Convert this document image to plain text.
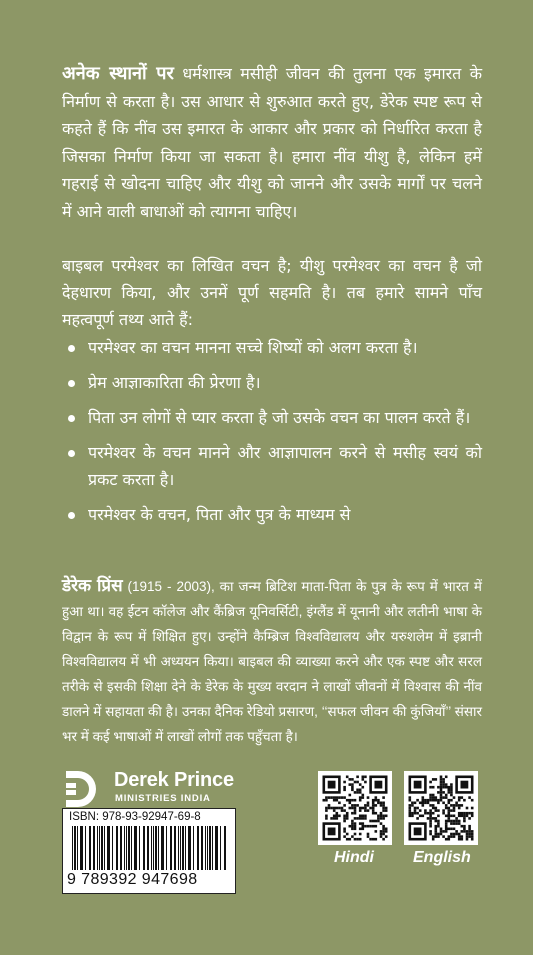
अनेक स्थानों पर धर्मशास्त्र मसीही जीवन की तुलना एक इमारत के निर्माण से करता है। उस आधार से शुरुआत करते हुए, डेरेक स्पष्ट रूप से कहते हैं कि नींव उस इमारत के आकार और प्रकार को निर्धारित करता है जिसका निर्माण किया जा सकता है। हमारा नींव यीशु है, लेकिन हमें गहराई से खोदना चाहिए और यीशु को जानने और उसके मार्गों पर चलने में आने वाली बाधाओं को त्यागना चाहिए।

बाइबल परमेश्वर का लिखित वचन है; यीशु परमेश्वर का वचन है जो देहधारण किया, और उनमें पूर्ण सहमति है। तब हमारे सामने पाँच महत्वपूर्ण तथ्य आते हैं:

परमेश्वर का वचन मानना सच्चे शिष्यों को अलग करता है।
प्रेम आज्ञाकारिता की प्रेरणा है।
पिता उन लोगों से प्यार करता है जो उसके वचन का पालन करते हैं।
परमेश्वर के वचन मानने और आज्ञापालन करने से मसीह स्वयं को प्रकट करता है।
परमेश्वर के वचन, पिता और पुत्र के माध्यम से

डेरेक प्रिंस (1915 - 2003), का जन्म ब्रिटिश माता-पिता के पुत्र के रूप में भारत में हुआ था। वह ईटन कॉलेज और कैंब्रिज यूनिवर्सिटी, इंग्लैंड में यूनानी और लतीनी भाषा के विद्वान के रूप में शिक्षित हुए। उन्होंने कैम्ब्रिज विश्वविद्यालय और यरुशलेम में इब्रानी विश्वविद्यालय में भी अध्ययन किया। बाइबल की व्याख्या करने और एक स्पष्ट और सरल तरीके से इसकी शिक्षा देने के डेरेक के मुख्य वरदान ने लाखों जीवनों में विश्वास की नींव डालने में सहायता की है। उनका दैनिक रेडियो प्रसारण, ‘‘सफल जीवन की कुंजियाँ’’ संसार भर में कई भाषाओं में लाखों लोगों तक पहुँचता है।

Derek Prince
MINISTRIES INDIA
ISBN: 978-93-92947-69-8
9 789392 947698
Hindi English
